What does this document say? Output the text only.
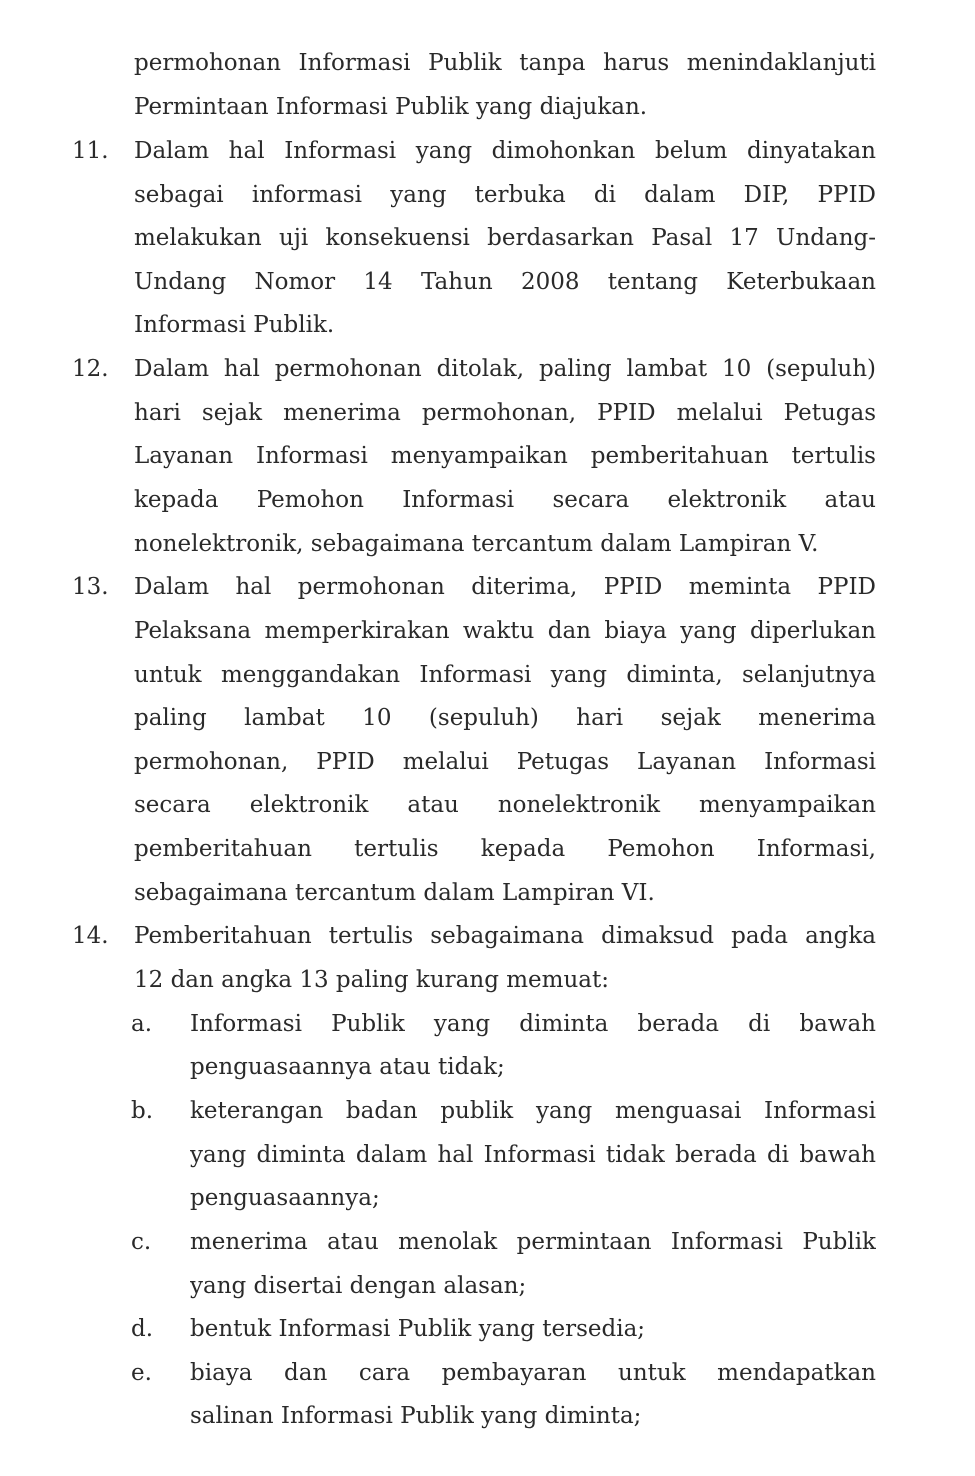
permohonan Informasi Publik tanpa harus menindaklanjuti
Permintaan Informasi Publik yang diajukan.
11.	Dalam hal Informasi yang dimohonkan belum dinyatakan
sebagai informasi yang terbuka di dalam DIP, PPID
melakukan uji konsekuensi berdasarkan Pasal 17 Undang-
Undang Nomor 14 Tahun 2008 tentang Keterbukaan
Informasi Publik.
12.	Dalam hal permohonan ditolak, paling lambat 10 (sepuluh)
hari sejak menerima permohonan, PPID melalui Petugas
Layanan Informasi menyampaikan pemberitahuan tertulis
kepada Pemohon Informasi secara elektronik atau
nonelektronik, sebagaimana tercantum dalam Lampiran V.
13.	Dalam hal permohonan diterima, PPID meminta PPID
Pelaksana memperkirakan waktu dan biaya yang diperlukan
untuk menggandakan Informasi yang diminta, selanjutnya
paling lambat 10 (sepuluh) hari sejak menerima
permohonan, PPID melalui Petugas Layanan Informasi
secara elektronik atau nonelektronik menyampaikan
pemberitahuan tertulis kepada Pemohon Informasi,
sebagaimana tercantum dalam Lampiran VI.
14.	Pemberitahuan tertulis sebagaimana dimaksud pada angka
12 dan angka 13 paling kurang memuat:
a.	Informasi Publik yang diminta berada di bawah
penguasaannya atau tidak;
b.	keterangan badan publik yang menguasai Informasi
yang diminta dalam hal Informasi tidak berada di bawah
penguasaannya;
c.	menerima atau menolak permintaan Informasi Publik
yang disertai dengan alasan;
d.	bentuk Informasi Publik yang tersedia;
e.	biaya dan cara pembayaran untuk mendapatkan
salinan Informasi Publik yang diminta;
